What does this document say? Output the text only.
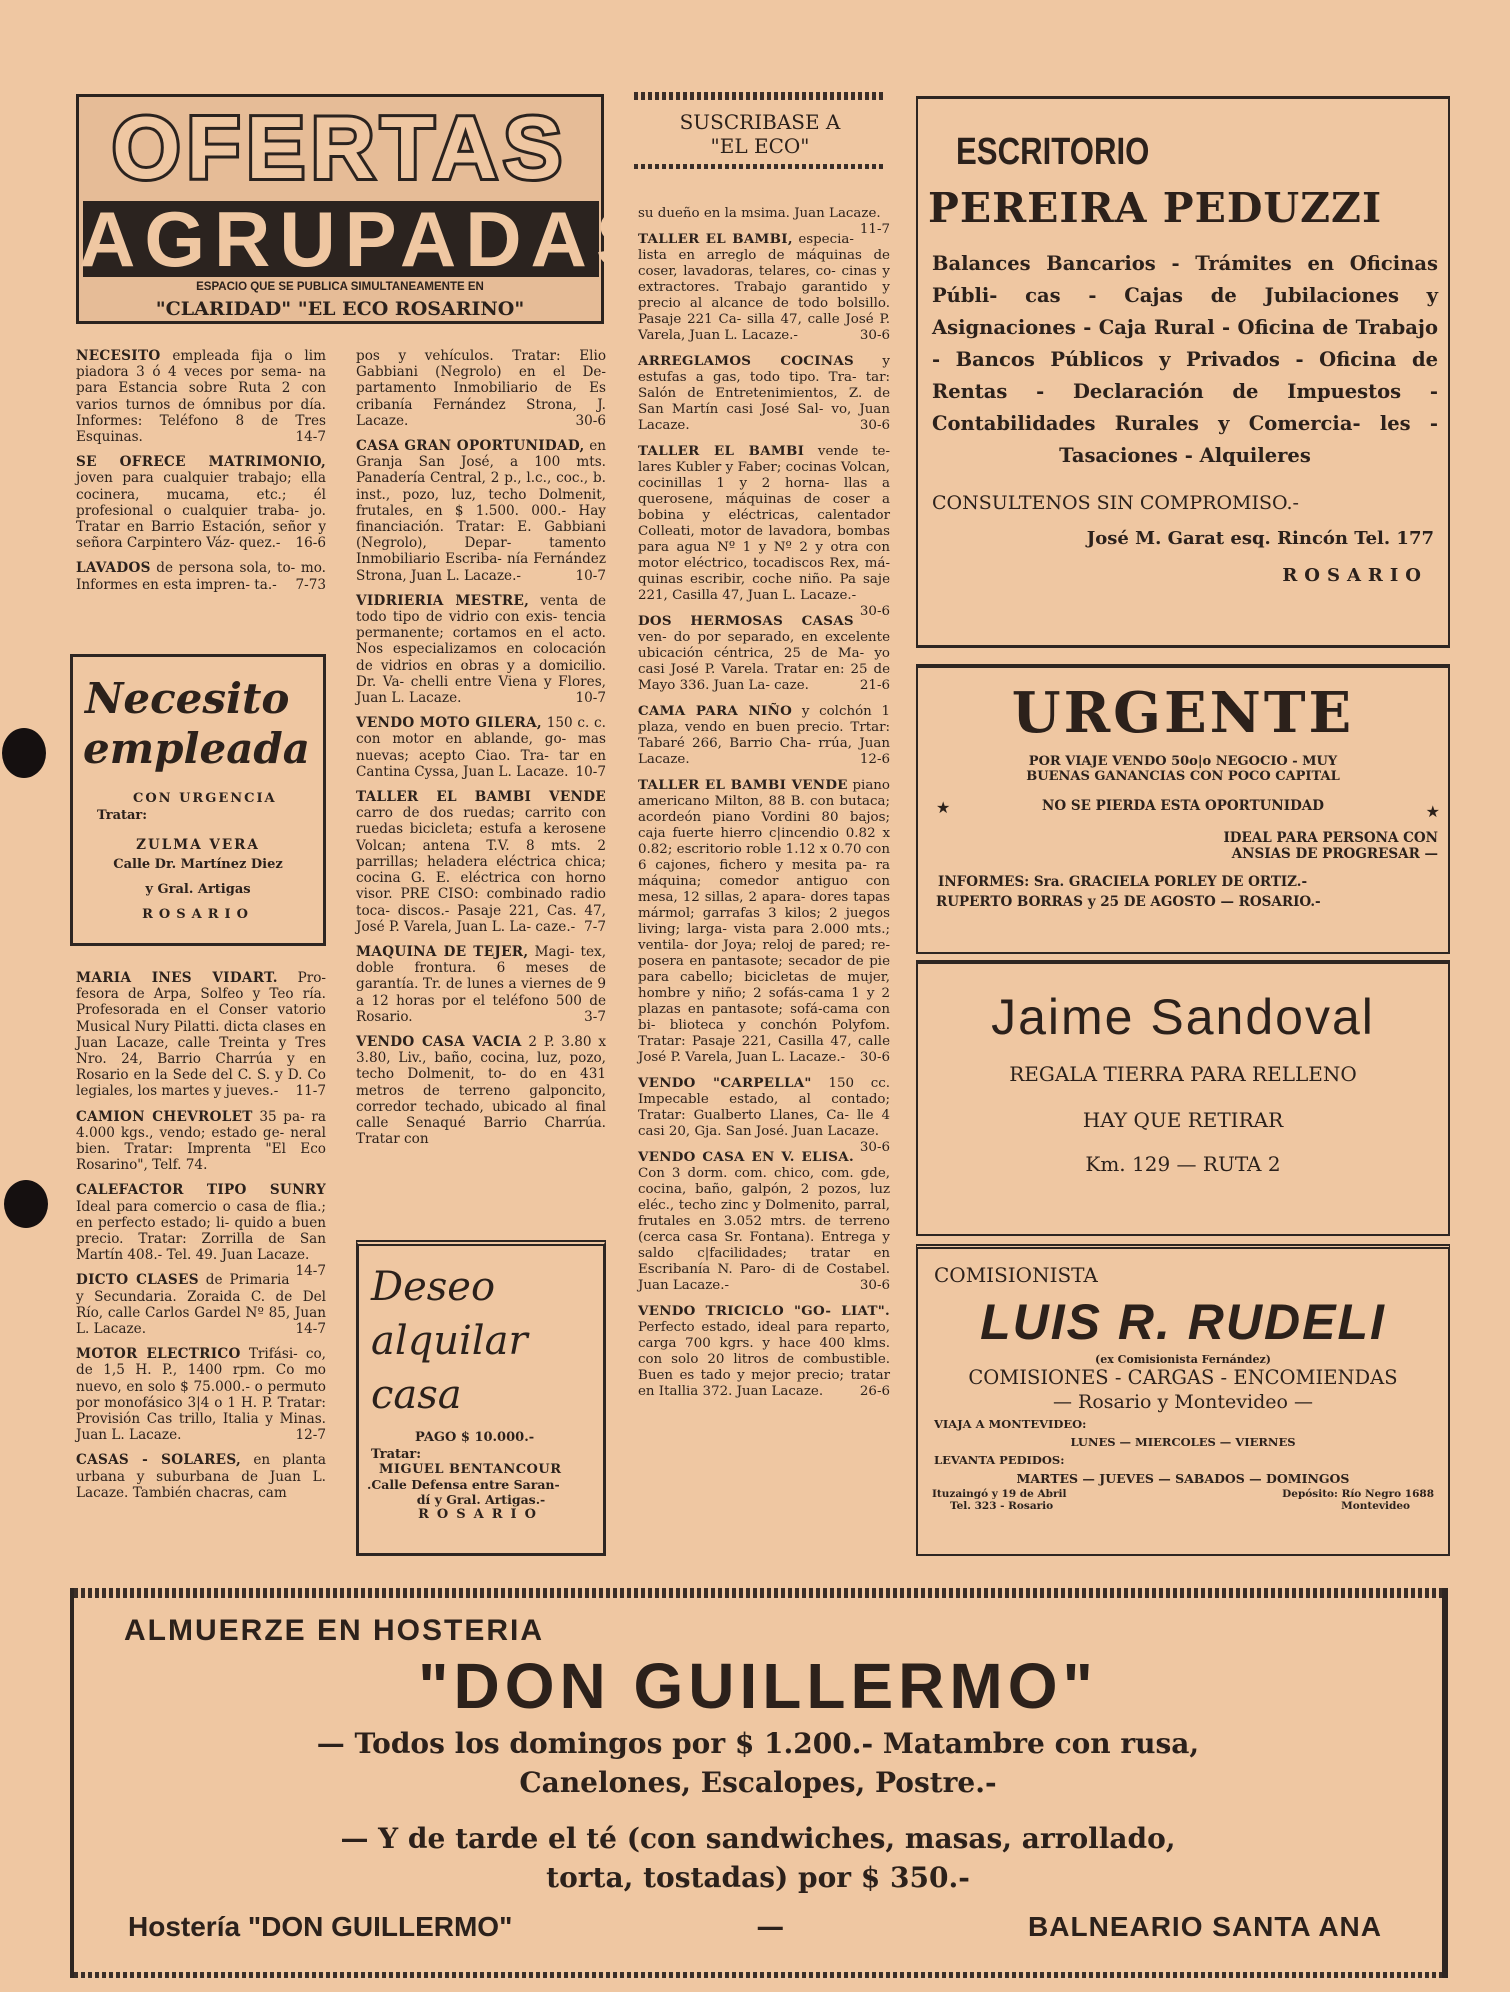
OFERTAS
AGRUPADAS
ESPACIO QUE SE PUBLICA SIMULTANEAMENTE EN
"CLARIDAD" "EL ECO ROSARINO"

NECESITO empleada fija o lim piadora 3 ó 4 veces por sema- na para Estancia sobre Ruta 2 con varios turnos de ómnibus por día. Informes: Teléfono 8 de Tres Esquinas.	14-7

SE OFRECE MATRIMONIO, joven para cualquier trabajo; ella cocinera, mucama, etc.; él profesional o cualquier traba- jo. Tratar en Barrio Estación, señor y señora Carpintero Váz- quez.-	16-6

LAVADOS de persona sola, to- mo. Informes en esta impren- ta.-	7-73

Necesito
empleada
CON URGENCIA
Tratar:
ZULMA VERA
Calle Dr. Martínez Diez
y Gral. Artigas
ROSARIO

MARIA INES VIDART. Pro- fesora de Arpa, Solfeo y Teo ría. Profesorada en el Conser vatorio Musical Nury Pilatti. dicta clases en Juan Lacaze, calle Treinta y Tres Nro. 24, Barrio Charrúa y en Rosario en la Sede del C. S. y D. Co legiales, los martes y jueves.-	11-7

CAMION CHEVROLET 35 pa- ra 4.000 kgs., vendo; estado ge- neral bien. Tratar: Imprenta "El Eco Rosarino", Telf. 74.

CALEFACTOR TIPO SUNRY Ideal para comercio o casa de flia.; en perfecto estado; li- quido a buen precio. Tratar: Zorrilla de San Martín 408.- Tel. 49. Juan Lacaze.
14-7

DICTO CLASES de Primaria y Secundaria. Zoraida C. de Del Río, calle Carlos Gardel Nº 85, Juan L. Lacaze.	14-7

MOTOR ELECTRICO Trifási- co, de 1,5 H. P., 1400 rpm. Co mo nuevo, en solo $ 75.000.- o permuto por monofásico 3|4 o 1 H. P. Tratar: Provisión Cas trillo, Italia y Minas. Juan L. Lacaze.	12-7

CASAS - SOLARES, en planta urbana y suburbana de Juan L. Lacaze. También chacras, cam

pos y vehículos. Tratar: Elio Gabbiani (Negrolo) en el De- partamento Inmobiliario de Es cribanía Fernández Strona, J. Lacaze.	30-6

CASA GRAN OPORTUNIDAD, en Granja San José, a 100 mts. Panadería Central, 2 p., l.c., coc., b. inst., pozo, luz, techo Dolmenit, frutales, en $ 1.500. 000.- Hay financiación. Tratar: E. Gabbiani (Negrolo), Depar- tamento Inmobiliario Escriba- nía Fernández Strona, Juan L. Lacaze.-	10-7

VIDRIERIA MESTRE, venta de todo tipo de vidrio con exis- tencia permanente; cortamos en el acto. Nos especializamos en colocación de vidrios en obras y a domicilio. Dr. Va- chelli entre Viena y Flores, Juan L. Lacaze.	10-7

VENDO MOTO GILERA, 150 c. c. con motor en ablande, go- mas nuevas; acepto Ciao. Tra- tar en Cantina Cyssa, Juan L. Lacaze. 10-7

TALLER EL BAMBI VENDE carro de dos ruedas; carrito con ruedas bicicleta; estufa a kerosene Volcan; antena T.V. 8 mts. 2 parrillas; heladera eléctrica chica; cocina G. E. eléctrica con horno visor. PRE CISO: combinado radio toca- discos.- Pasaje 221, Cas. 47, José P. Varela, Juan L. La- caze.- 7-7

MAQUINA DE TEJER, Magi- tex, doble frontura. 6 meses de garantía. Tr. de lunes a viernes de 9 a 12 horas por el teléfono 500 de Rosario.	3-7

VENDO CASA VACIA 2 P. 3.80 x 3.80, Liv., baño, cocina, luz, pozo, techo Dolmenit, to- do en 431 metros de terreno galponcito, corredor techado, ubicado al final calle Senaqué Barrio Charrúa. Tratar con

Deseo
alquilar
casa
PAGO $ 10.000.-
Tratar:
MIGUEL BENTANCOUR
.Calle Defensa entre Saran-
dí y Gral. Artigas.-
ROSARIO
SUSCRIBASE A
"EL ECO"

su dueño en la msima. Juan Lacaze.
11-7

TALLER EL BAMBI, especia- lista en arreglo de máquinas de coser, lavadoras, telares, co- cinas y extractores. Trabajo garantido y precio al alcance de todo bolsillo. Pasaje 221 Ca- silla 47, calle José P. Varela, Juan L. Lacaze.-	30-6

ARREGLAMOS COCINAS y estufas a gas, todo tipo. Tra- tar: Salón de Entretenimientos, Z. de San Martín casi José Sal- vo, Juan Lacaze.	30-6

TALLER EL BAMBI vende te- lares Kubler y Faber; cocinas Volcan, cocinillas 1 y 2 horna- llas a querosene, máquinas de coser a bobina y eléctricas, calentador Colleati, motor de lavadora, bombas para agua Nº 1 y Nº 2 y otra con motor eléctrico, tocadiscos Rex, má- quinas escribir, coche niño. Pa saje 221, Casilla 47, Juan L. Lacaze.-
30-6

DOS HERMOSAS CASAS ven- do por separado, en excelente ubicación céntrica, 25 de Ma- yo casi José P. Varela. Tratar en: 25 de Mayo 336. Juan La- caze.	21-6

CAMA PARA NIÑO y colchón 1 plaza, vendo en buen precio. Trtar: Tabaré 266, Barrio Cha- rrúa, Juan Lacaze.	12-6

TALLER EL BAMBI VENDE piano americano Milton, 88 B. con butaca; acordeón piano Vordini 80 bajos; caja fuerte hierro c|incendio 0.82 x 0.82; escritorio roble 1.12 x 0.70 con 6 cajones, fichero y mesita pa- ra máquina; comedor antiguo con mesa, 12 sillas, 2 apara- dores tapas mármol; garrafas 3 kilos; 2 juegos living; larga- vista para 2.000 mts.; ventila- dor Joya; reloj de pared; re- posera en pantasote; secador de pie para cabello; bicicletas de mujer, hombre y niño; 2 sofás-cama 1 y 2 plazas en pantasote; sofá-cama con bi- blioteca y conchón Polyfom. Tratar: Pasaje 221, Casilla 47, calle José P. Varela, Juan L. Lacaze.-	30-6

VENDO "CARPELLA" 150 cc. Impecable estado, al contado; Tratar: Gualberto Llanes, Ca- lle 4 casi 20, Gja. San José. Juan Lacaze.
30-6

VENDO CASA EN V. ELISA. Con 3 dorm. com. chico, com. gde, cocina, baño, galpón, 2 pozos, luz eléc., techo zinc y Dolmenito, parral, frutales en 3.052 mtrs. de terreno (cerca casa Sr. Fontana). Entrega y saldo c|facilidades; tratar en Escribanía N. Paro- di de Costabel. Juan Lacaze.-	30-6

VENDO TRICICLO "GO- LIAT". Perfecto estado, ideal para reparto, carga 700 kgrs. y hace 400 klms. con solo 20 litros de combustible. Buen es tado y mejor precio; tratar en Itallia 372. Juan Lacaze.	26-6

ESCRITORIO
PEREIRA PEDUZZI
Balances Bancarios - Trámites en Oficinas Públi- cas - Cajas de Jubilaciones y Asignaciones - Caja Rural - Oficina de Trabajo - Bancos Públicos y Privados - Oficina de Rentas - Declaración de Impuestos - Contabilidades Rurales y Comercia- les - Tasaciones - Alquileres
CONSULTENOS SIN COMPROMISO.-
José M. Garat esq. Rincón Tel. 177
ROSARIO
URGENTE
POR VIAJE VENDO 50o|o NEGOCIO - MUY
BUENAS GANANCIAS CON POCO CAPITAL
★	NO SE PIERDA ESTA OPORTUNIDAD	★
IDEAL PARA PERSONA CON
ANSIAS DE PROGRESAR —
INFORMES: Sra. GRACIELA PORLEY DE ORTIZ.-
RUPERTO BORRAS y 25 DE AGOSTO — ROSARIO.-
Jaime Sandoval
REGALA TIERRA PARA RELLENO
HAY QUE RETIRAR
Km. 129 — RUTA 2
COMISIONISTA
LUIS R. RUDELI
(ex Comisionista Fernández)
COMISIONES - CARGAS - ENCOMIENDAS
— Rosario y Montevideo —
VIAJA A MONTEVIDEO:
LUNES — MIERCOLES — VIERNES
LEVANTA PEDIDOS:
MARTES — JUEVES — SABADOS — DOMINGOS
Ituzaingó y 19 de Abril
Tel. 323 - Rosario
Depósito: Río Negro 1688
Montevideo
ALMUERZE EN HOSTERIA
"DON GUILLERMO"
— Todos los domingos por $ 1.200.- Matambre con rusa,
Canelones, Escalopes, Postre.-
— Y de tarde el té (con sandwiches, masas, arrollado,
torta, tostadas) por $ 350.-
Hostería "DON GUILLERMO"	—	BALNEARIO SANTA ANA
